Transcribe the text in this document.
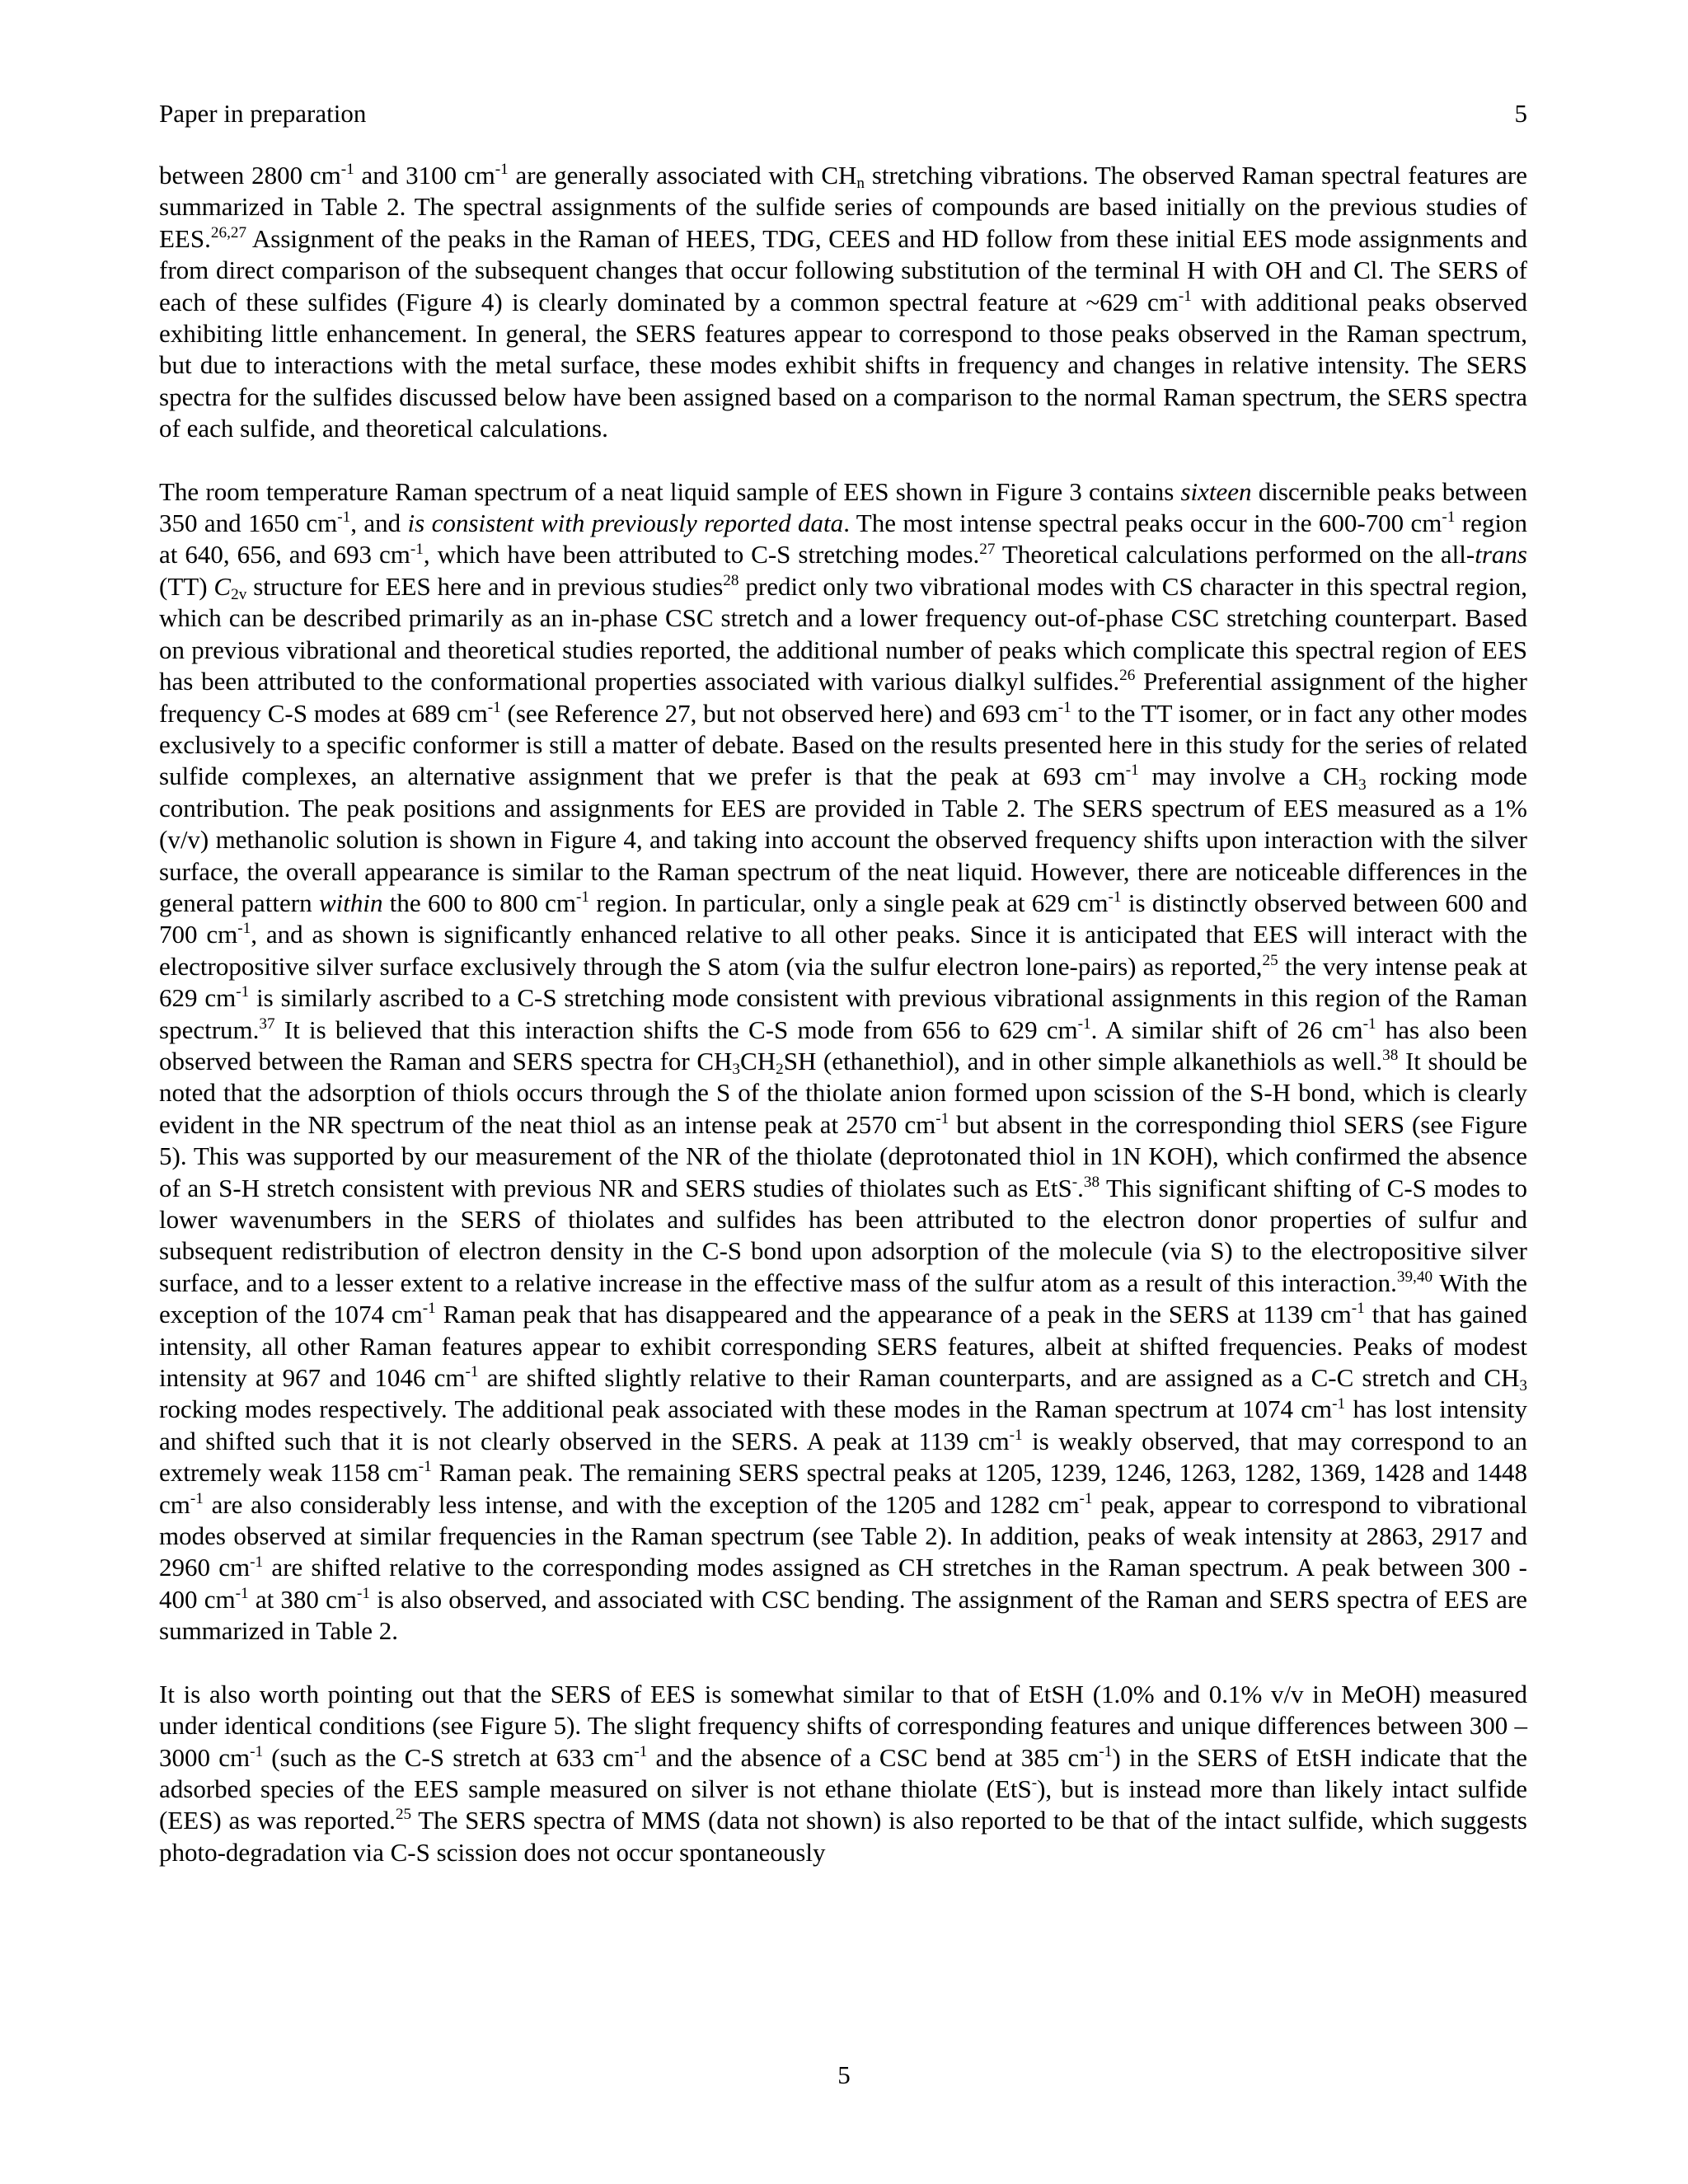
Paper in preparation	5

between 2800 $cm^{-1}$ and 3100 $cm^{-1}$ are generally associated with $CH_n$ stretching vibrations. The observed Raman spectral features are summarized in Table 2. The spectral assignments of the sulfide series of compounds are based initially on the previous studies of EES.$^{26,27}$ Assignment of the peaks in the Raman of HEES, TDG, CEES and HD follow from these initial EES mode assignments and from direct comparison of the subsequent changes that occur following substitution of the terminal H with OH and Cl. The SERS of each of these sulfides (Figure 4) is clearly dominated by a common spectral feature at ~629 $cm^{-1}$ with additional peaks observed exhibiting little enhancement. In general, the SERS features appear to correspond to those peaks observed in the Raman spectrum, but due to interactions with the metal surface, these modes exhibit shifts in frequency and changes in relative intensity. The SERS spectra for the sulfides discussed below have been assigned based on a comparison to the normal Raman spectrum, the SERS spectra of each sulfide, and theoretical calculations.

The room temperature Raman spectrum of a neat liquid sample of EES shown in Figure 3 contains sixteen discernible peaks between 350 and 1650 $cm^{-1}$, and is consistent with previously reported data. The most intense spectral peaks occur in the 600-700 $cm^{-1}$ region at 640, 656, and 693 $cm^{-1}$, which have been attributed to C-S stretching modes.$^{27}$ Theoretical calculations performed on the all-trans (TT) $C_{2v}$ structure for EES here and in previous studies$^{28}$ predict only two vibrational modes with CS character in this spectral region, which can be described primarily as an in-phase CSC stretch and a lower frequency out-of-phase CSC stretching counterpart. Based on previous vibrational and theoretical studies reported, the additional number of peaks which complicate this spectral region of EES has been attributed to the conformational properties associated with various dialkyl sulfides.$^{26}$ Preferential assignment of the higher frequency C-S modes at 689 $cm^{-1}$ (see Reference 27, but not observed here) and 693 $cm^{-1}$ to the TT isomer, or in fact any other modes exclusively to a specific conformer is still a matter of debate. Based on the results presented here in this study for the series of related sulfide complexes, an alternative assignment that we prefer is that the peak at 693 $cm^{-1}$ may involve a $CH_3$ rocking mode contribution. The peak positions and assignments for EES are provided in Table 2. The SERS spectrum of EES measured as a 1% (v/v) methanolic solution is shown in Figure 4, and taking into account the observed frequency shifts upon interaction with the silver surface, the overall appearance is similar to the Raman spectrum of the neat liquid. However, there are noticeable differences in the general pattern within the 600 to 800 $cm^{-1}$ region. In particular, only a single peak at 629 $cm^{-1}$ is distinctly observed between 600 and 700 $cm^{-1}$, and as shown is significantly enhanced relative to all other peaks. Since it is anticipated that EES will interact with the electropositive silver surface exclusively through the S atom (via the sulfur electron lone-pairs) as reported,$^{25}$ the very intense peak at 629 $cm^{-1}$ is similarly ascribed to a C-S stretching mode consistent with previous vibrational assignments in this region of the Raman spectrum.$^{37}$ It is believed that this interaction shifts the C-S mode from 656 to 629 $cm^{-1}$. A similar shift of 26 $cm^{-1}$ has also been observed between the Raman and SERS spectra for $CH_3CH_2SH$ (ethanethiol), and in other simple alkanethiols as well.$^{38}$ It should be noted that the adsorption of thiols occurs through the S of the thiolate anion formed upon scission of the S-H bond, which is clearly evident in the NR spectrum of the neat thiol as an intense peak at 2570 $cm^{-1}$ but absent in the corresponding thiol SERS (see Figure 5). This was supported by our measurement of the NR of the thiolate (deprotonated thiol in 1N KOH), which confirmed the absence of an S-H stretch consistent with previous NR and SERS studies of thiolates such as EtS-.$^{38}$ This significant shifting of C-S modes to lower wavenumbers in the SERS of thiolates and sulfides has been attributed to the electron donor properties of sulfur and subsequent redistribution of electron density in the C-S bond upon adsorption of the molecule (via S) to the electropositive silver surface, and to a lesser extent to a relative increase in the effective mass of the sulfur atom as a result of this interaction.$^{39,40}$ With the exception of the 1074 $cm^{-1}$ Raman peak that has disappeared and the appearance of a peak in the SERS at 1139 $cm^{-1}$ that has gained intensity, all other Raman features appear to exhibit corresponding SERS features, albeit at shifted frequencies. Peaks of modest intensity at 967 and 1046 $cm^{-1}$ are shifted slightly relative to their Raman counterparts, and are assigned as a C-C stretch and $CH_3$ rocking modes respectively. The additional peak associated with these modes in the Raman spectrum at 1074 $cm^{-1}$ has lost intensity and shifted such that it is not clearly observed in the SERS. A peak at 1139 $cm^{-1}$ is weakly observed, that may correspond to an extremely weak 1158 $cm^{-1}$ Raman peak. The remaining SERS spectral peaks at 1205, 1239, 1246, 1263, 1282, 1369, 1428 and 1448 $cm^{-1}$ are also considerably less intense, and with the exception of the 1205 and 1282 $cm^{-1}$ peak, appear to correspond to vibrational modes observed at similar frequencies in the Raman spectrum (see Table 2). In addition, peaks of weak intensity at 2863, 2917 and 2960 $cm^{-1}$ are shifted relative to the corresponding modes assigned as CH stretches in the Raman spectrum. A peak between 300 - 400 $cm^{-1}$ at 380 $cm^{-1}$ is also observed, and associated with CSC bending. The assignment of the Raman and SERS spectra of EES are summarized in Table 2.

It is also worth pointing out that the SERS of EES is somewhat similar to that of EtSH (1.0% and 0.1% v/v in MeOH) measured under identical conditions (see Figure 5). The slight frequency shifts of corresponding features and unique differences between 300 – 3000 $cm^{-1}$ (such as the C-S stretch at 633 $cm^{-1}$ and the absence of a CSC bend at 385 $cm^{-1}$) in the SERS of EtSH indicate that the adsorbed species of the EES sample measured on silver is not ethane thiolate (EtS-), but is instead more than likely intact sulfide (EES) as was reported.$^{25}$ The SERS spectra of MMS (data not shown) is also reported to be that of the intact sulfide, which suggests photo-degradation via C-S scission does not occur spontaneously

5
